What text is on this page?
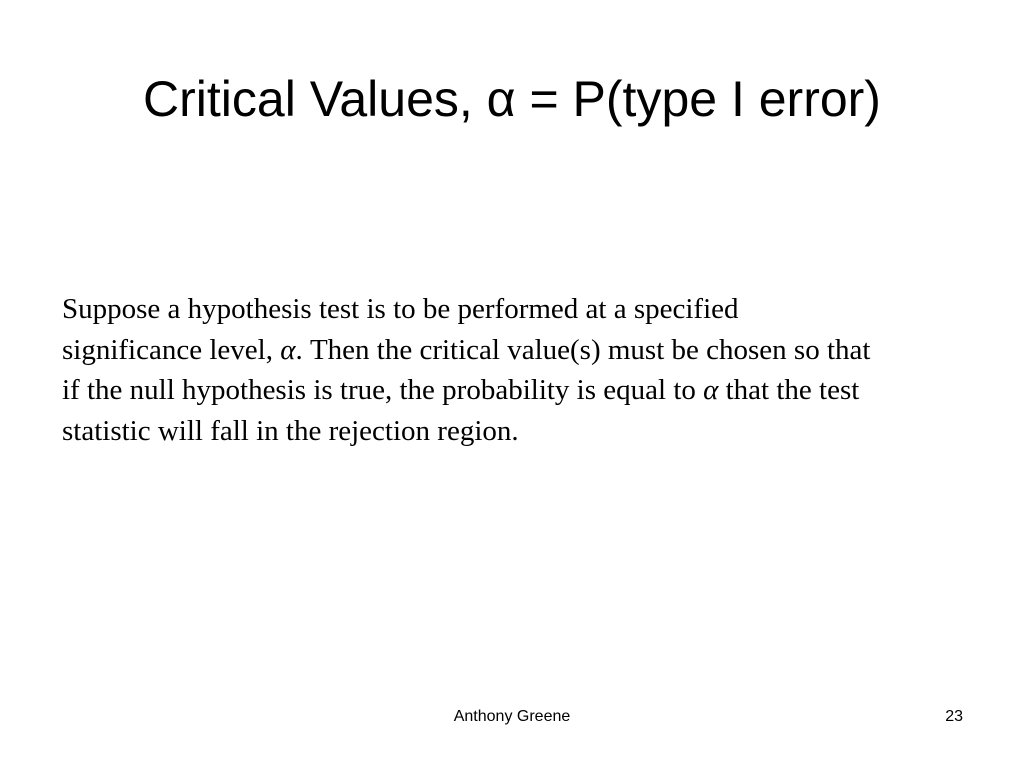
Critical Values, α = P(type I error)

Suppose a hypothesis test is to be performed at a specified significance level, α. Then the critical value(s) must be chosen so that if the null hypothesis is true, the probability is equal to α that the test statistic will fall in the rejection region.

Anthony Greene	23
